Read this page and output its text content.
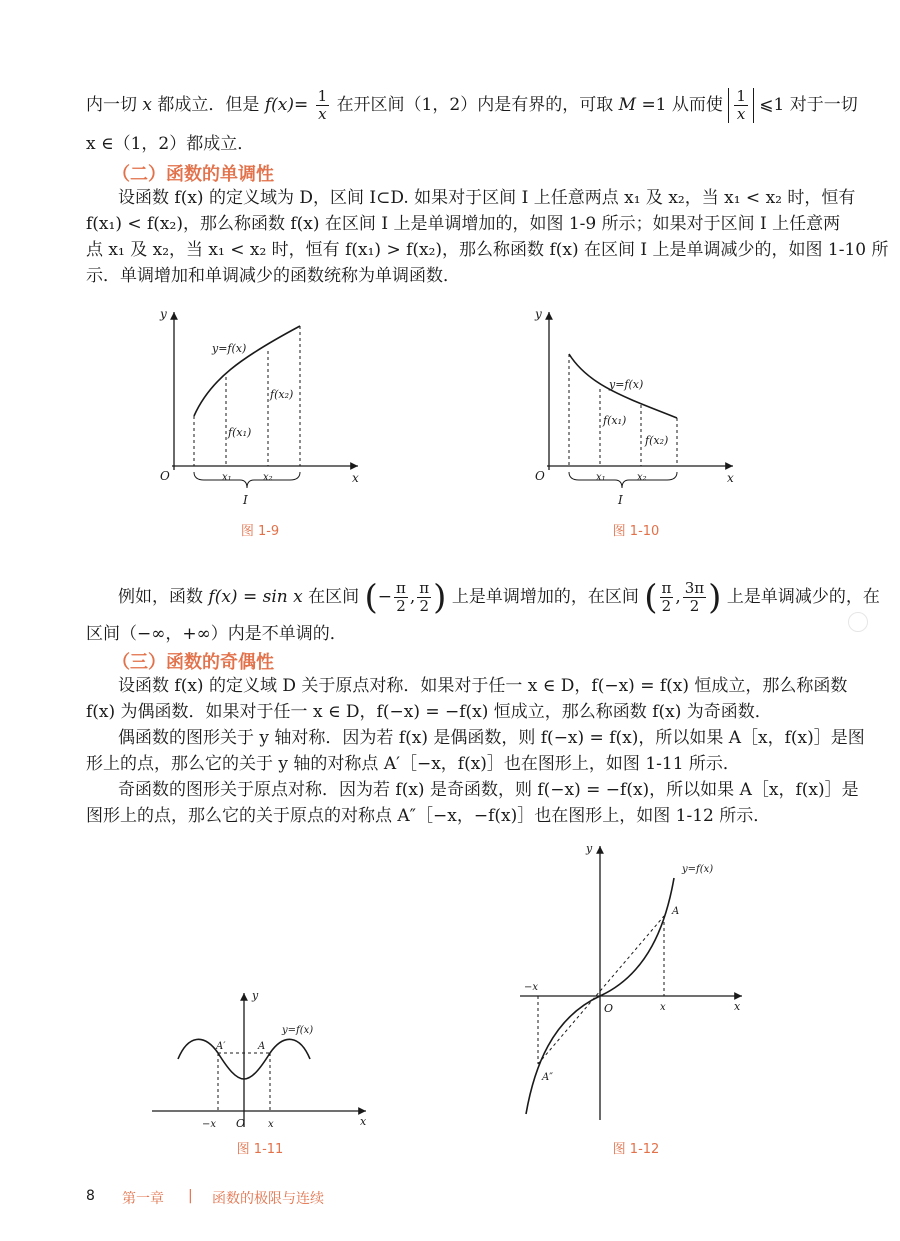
内一切 x 都成立．但是 $f(x)= \frac{1}{x}$ 在开区间（1，2）内是有界的，可取 M =1 从而使 $\frac{1}{x}$ ⩽1 对于一切
x ∈（1，2）都成立．
（二）函数的单调性
设函数 f(x) 的定义域为 D，区间 I⊂D. 如果对于区间 I 上任意两点 x₁ 及 x₂，当 x₁ < x₂ 时，恒有
f(x₁) < f(x₂)，那么称函数 f(x) 在区间 I 上是单调增加的，如图 1-9 所示；如果对于区间 I 上任意两
点 x₁ 及 x₂，当 x₁ < x₂ 时，恒有 f(x₁) > f(x₂)，那么称函数 f(x) 在区间 I 上是单调减少的，如图 1-10 所
示．单调增加和单调减少的函数统称为单调函数．
y
x
O
y=f(x)
f(x₂)
f(x₁)
x₁	x₂
I
图 1-9
y
x
O
y=f(x)
f(x₁)
f(x₂)
x₁	x₂
I
图 1-10
例如，函数 f(x) = sin x 在区间 (− $\frac{\pi}{2}$ , $\frac{\pi}{2}$ ) 上是单调增加的，在区间 ( $\frac{\pi}{2}$ , $\frac{3\pi}{2}$ ) 上是单调减少的，在
区间（−∞，+∞）内是不单调的．
（三）函数的奇偶性
设函数 f(x) 的定义域 D 关于原点对称．如果对于任一 x ∈ D，f(−x) = f(x) 恒成立，那么称函数
f(x) 为偶函数．如果对于任一 x ∈ D，f(−x) = −f(x) 恒成立，那么称函数 f(x) 为奇函数．
偶函数的图形关于 y 轴对称．因为若 f(x) 是偶函数，则 f(−x) = f(x)，所以如果 A［x，f(x)］是图
形上的点，那么它的关于 y 轴的对称点 A′［−x，f(x)］也在图形上，如图 1-11 所示．
奇函数的图形关于原点对称．因为若 f(x) 是奇函数，则 f(−x) = −f(x)，所以如果 A［x，f(x)］是
图形上的点，那么它的关于原点的对称点 A″［−x，−f(x)］也在图形上，如图 1-12 所示．
y
x
O
y=f(x)
A′	A
−x	x
图 1-11
y
x
O
y=f(x)
A
A″
−x
x
图 1-12
8 第一章 | 函数的极限与连续
